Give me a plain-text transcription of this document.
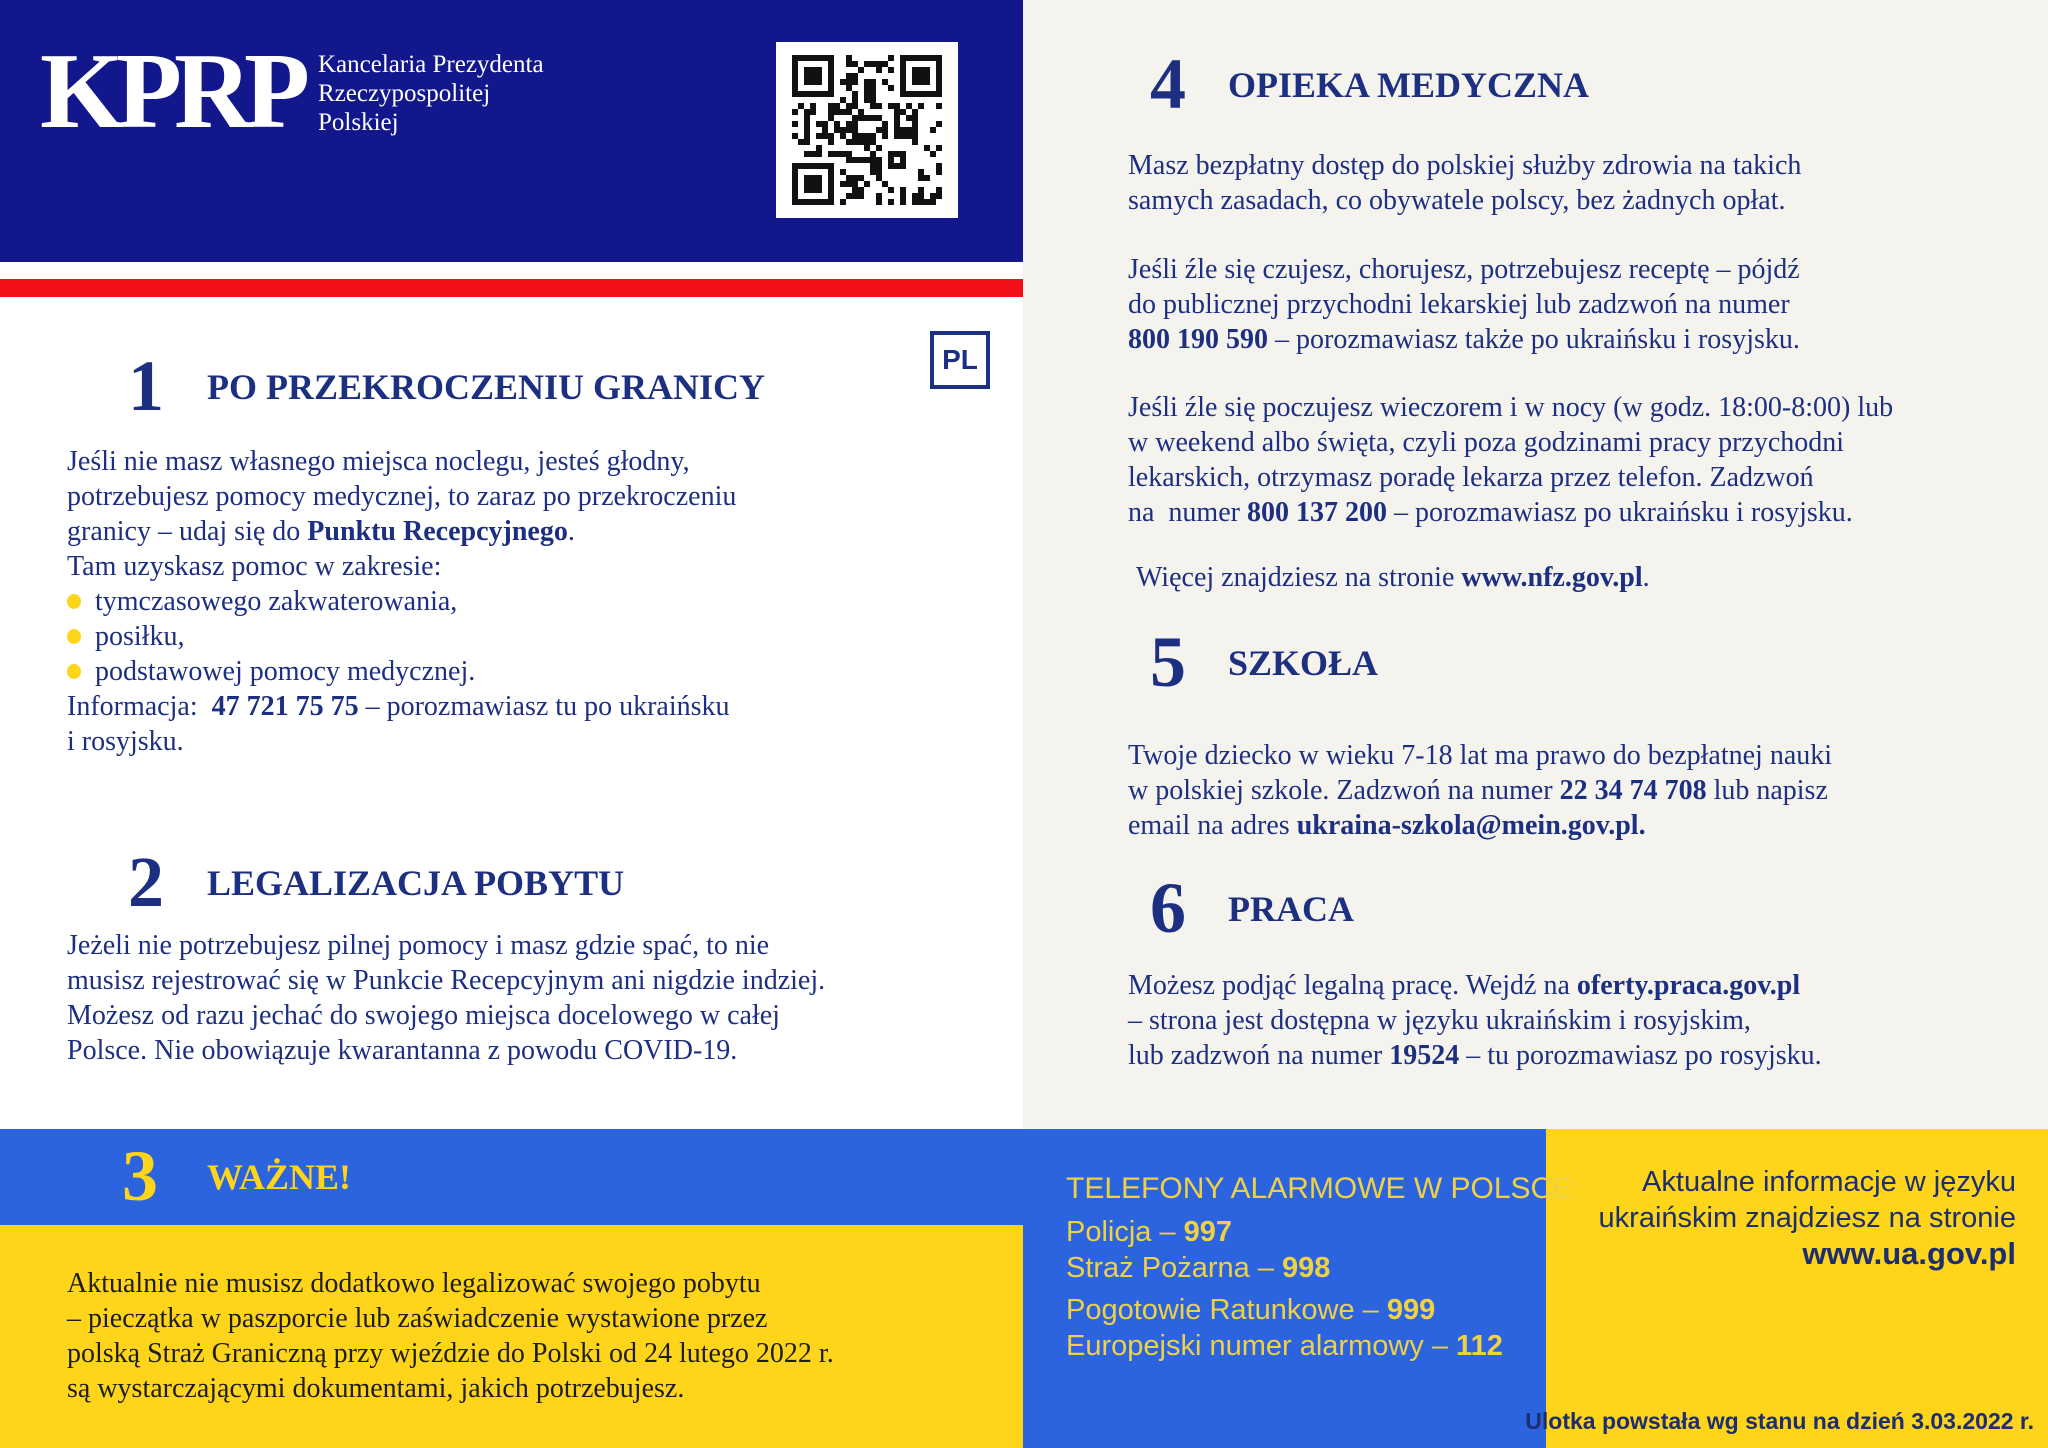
KPRP Kancelaria Prezydenta
Rzeczypospolitej
Polskiej
PL
1 PO PRZEKROCZENIU GRANICY
Jeśli nie masz własnego miejsca noclegu, jesteś głodny,
potrzebujesz pomocy medycznej, to zaraz po przekroczeniu
granicy – udaj się do Punktu Recepcyjnego.
Tam uzyskasz pomoc w zakresie:
tymczasowego zakwaterowania,
posiłku,
podstawowej pomocy medycznej.
Informacja:  47 721 75 75 – porozmawiasz tu po ukraińsku
i rosyjsku.
2 LEGALIZACJA POBYTU
Jeżeli nie potrzebujesz pilnej pomocy i masz gdzie spać, to nie
musisz rejestrować się w Punkcie Recepcyjnym ani nigdzie indziej.
Możesz od razu jechać do swojego miejsca docelowego w całej
Polsce. Nie obowiązuje kwarantanna z powodu COVID-19.
3 WAŻNE!
Aktualnie nie musisz dodatkowo legalizować swojego pobytu
– pieczątka w paszporcie lub zaświadczenie wystawione przez
polską Straż Graniczną przy wjeździe do Polski od 24 lutego 2022 r.
są wystarczającymi dokumentami, jakich potrzebujesz.
4 OPIEKA MEDYCZNA
Masz bezpłatny dostęp do polskiej służby zdrowia na takich
samych zasadach, co obywatele polscy, bez żadnych opłat.
Jeśli źle się czujesz, chorujesz, potrzebujesz receptę – pójdź
do publicznej przychodni lekarskiej lub zadzwoń na numer
800 190 590 – porozmawiasz także po ukraińsku i rosyjsku.
Jeśli źle się poczujesz wieczorem i w nocy (w godz. 18:00-8:00) lub
w weekend albo święta, czyli poza godzinami pracy przychodni
lekarskich, otrzymasz poradę lekarza przez telefon. Zadzwoń
na  numer 800 137 200 – porozmawiasz po ukraińsku i rosyjsku.
Więcej znajdziesz na stronie www.nfz.gov.pl.
5 SZKOŁA
Twoje dziecko w wieku 7-18 lat ma prawo do bezpłatnej nauki
w polskiej szkole. Zadzwoń na numer 22 34 74 708 lub napisz
email na adres ukraina-szkola@mein.gov.pl.
6 PRACA
Możesz podjąć legalną pracę. Wejdź na oferty.praca.gov.pl
– strona jest dostępna w języku ukraińskim i rosyjskim,
lub zadzwoń na numer 19524 – tu porozmawiasz po rosyjsku.
TELEFONY ALARMOWE W POLSCE:
Policja – 997
Straż Pożarna – 998
Pogotowie Ratunkowe – 999
Europejski numer alarmowy – 112
Aktualne informacje w języku
ukraińskim znajdziesz na stronie
www.ua.gov.pl
Ulotka powstała wg stanu na dzień 3.03.2022 r.
